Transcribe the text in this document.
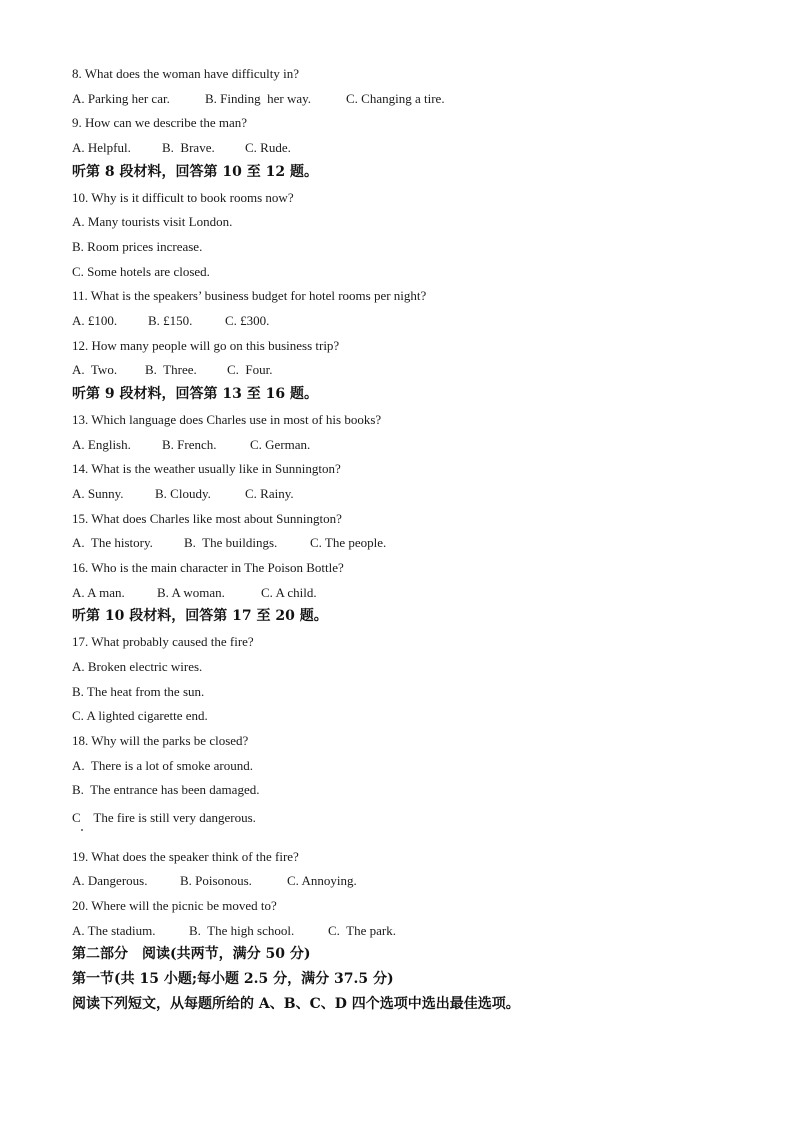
8. What does the woman have difficulty in?
A. Parking her car.	B. Finding  her way.	C. Changing a tire.
9. How can we describe the man?
A. Helpful.	B.  Brave.	C. Rude.
听第 8 段材料，回答第 10 至 12 题。
10. Why is it difficult to book rooms now?
A. Many tourists visit London.
B. Room prices increase.
C. Some hotels are closed.
11. What is the speakers’ business budget for hotel rooms per night?
A. £100.	B. £150.	C. £300.
12. How many people will go on this business trip?
A.  Two.	B.  Three.	C.  Four.
听第 9 段材料，回答第 13 至 16 题。
13. Which language does Charles use in most of his books?
A. English.	B. French.	C. German.
14. What is the weather usually like in Sunnington?
A. Sunny.	B. Cloudy.	C. Rainy.
15. What does Charles like most about Sunnington?
A.  The history.	B.  The buildings.	C. The people.
16. Who is the main character in The Poison Bottle?
A. A man.	B. A woman.	C. A child.
听第 10 段材料，回答第 17 至 20 题。
17. What probably caused the fire?
A. Broken electric wires.
B. The heat from the sun.
C. A lighted cigarette end.
18. Why will the parks be closed?
A.  There is a lot of smoke around.
B.  The entrance has been damaged.
C    The fire is still very dangerous.
19. What does the speaker think of the fire?
A. Dangerous.	B. Poisonous.	C. Annoying.
20. Where will the picnic be moved to?
A. The stadium.	B.  The high school.	C.  The park.
第二部分　阅读(共两节，满分 50 分)
第一节(共 15 小题;每小题 2.5 分，满分 37.5 分)
阅读下列短文，从每题所给的 A、B、C、D 四个选项中选出最佳选项。
